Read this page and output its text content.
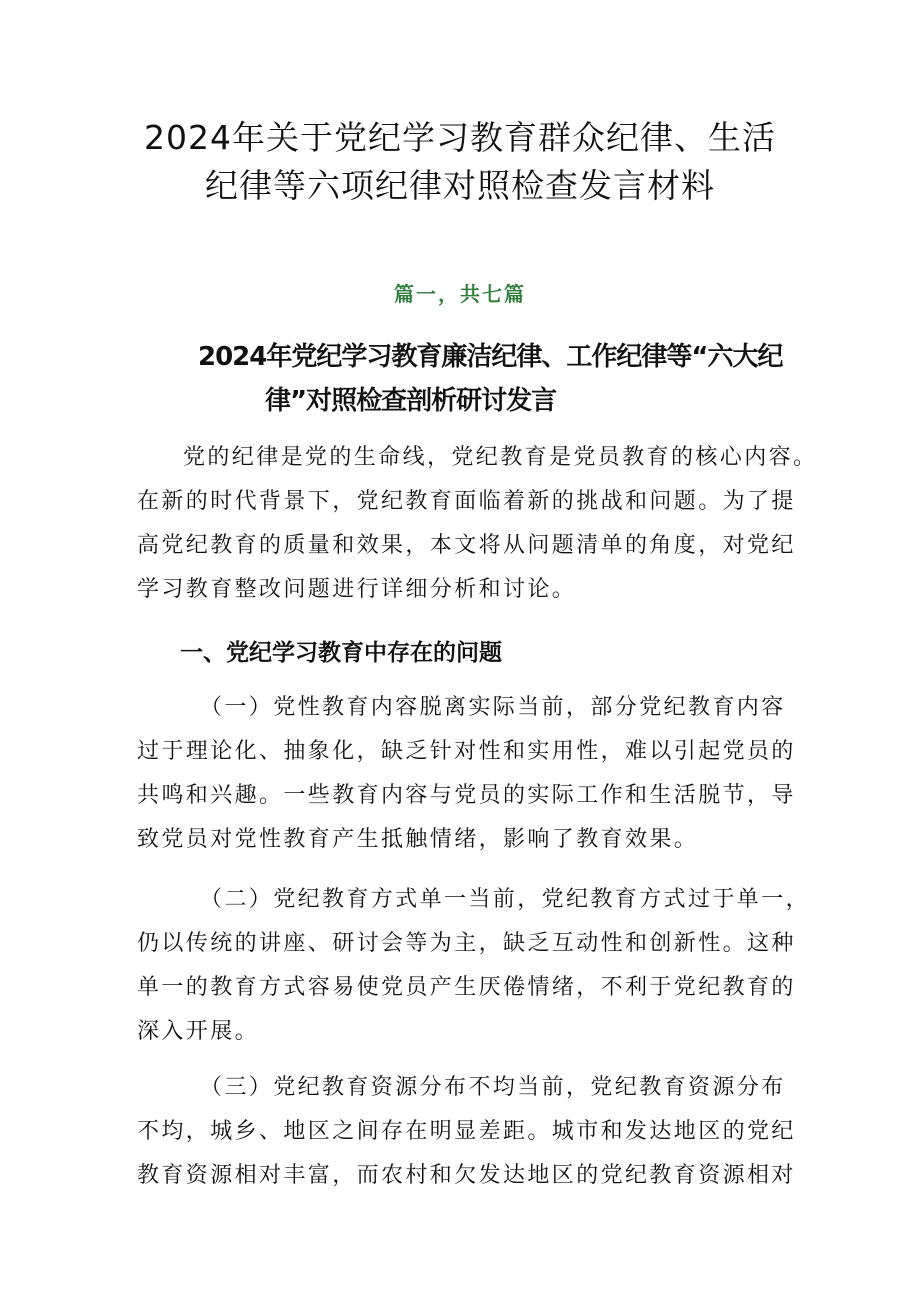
2024年关于党纪学习教育群众纪律、生活
纪律等六项纪律对照检查发言材料
篇一，共七篇
2024年党纪学习教育廉洁纪律、工作纪律等“六大纪
律”对照检查剖析研讨发言
党的纪律是党的生命线，党纪教育是党员教育的核心内容。
在新的时代背景下，党纪教育面临着新的挑战和问题。为了提
高党纪教育的质量和效果，本文将从问题清单的角度，对党纪
学习教育整改问题进行详细分析和讨论。
一、党纪学习教育中存在的问题
（一）党性教育内容脱离实际当前，部分党纪教育内容
过于理论化、抽象化，缺乏针对性和实用性，难以引起党员的
共鸣和兴趣。一些教育内容与党员的实际工作和生活脱节，导
致党员对党性教育产生抵触情绪，影响了教育效果。
（二）党纪教育方式单一当前，党纪教育方式过于单一，
仍以传统的讲座、研讨会等为主，缺乏互动性和创新性。这种
单一的教育方式容易使党员产生厌倦情绪，不利于党纪教育的
深入开展。
（三）党纪教育资源分布不均当前，党纪教育资源分布
不均，城乡、地区之间存在明显差距。城市和发达地区的党纪
教育资源相对丰富，而农村和欠发达地区的党纪教育资源相对
